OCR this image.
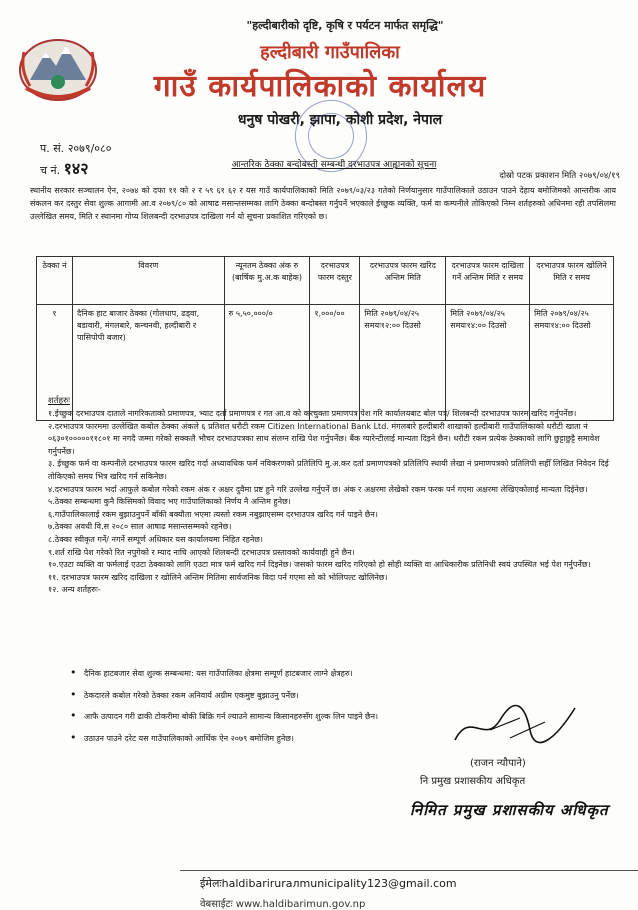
"हल्दीबारीको दृष्टि, कृषि र पर्यटन मार्फत समृद्धि"
हल्दीबारी गाउँपालिका
गाउँ कार्यपालिकाको कार्यालय
धनुष पोखरी, झापा, कोशी प्रदेश, नेपाल
प. सं. २०७९/०८०
च नं. १४२	आन्तरिक ठेक्का बन्दोबस्ती सम्बन्धी दरभाउपत्र आह्वानको सूचना
दोस्रो पटक प्रकाशन मिति २०७९/०४/१९
स्थानीय सरकार सञ्चालन ऐन, २०७४ को दफा ११ को २ र ५९ ६१ ६२ र यस गाउँ कार्यपालिकाको मिति २०७९/०३/२३ गतेको निर्णयानुसार गाउँपालिकाले उठाउन पाउने देहाय बमोजिमको आन्तरीक आय संकलन कर दस्तुर सेवा शुल्क आगामी आ.व २०७९/८० को आषाढ मसान्तसम्मका लागि ठेक्का बन्दोबस्त गर्नुपर्ने भएकाले ईच्छुक व्यक्ति, फर्म वा कम्पनीले तोकिएको निम्न शर्तहरुको अधिनमा रही तपसिलमा उल्लेखित समय, मिति र स्थानमा गोप्य शिलबन्दी दरभाउपत्र दाखिला गर्न यो सूचना प्रकाशित गरिएको छ।
ठेक्का नं	विवरण	न्यूनतम ठेक्का अंक रु (बार्षिक मु.अ.क बाहेक)	दरभाउपत्र फारम दस्तुर	दरभाउपत्र फारम खरिद अन्तिम मिति	दरभाउपत्र फारम दाखिला गर्ने अन्तिम मिति र समय	दरभाउपत्र फारम खोलिने मिति र समय
१	दैनिक हाट बाजार ठेक्का (गोलधाप, ढड्वा, बडावारी, मंगलबारे, कन्चनवी, हल्दीबारी र पासिपोपी बजार)	रु ५,५०,०००/०	१,०००/००	मिति २०७९/०४/२५ समयः१२:०० दिउसो	मिति २०७९/०४/२५ समयः१४:०० दिउसो	मिति २०७९/०४/२५ समयः१४:०० दिउसो
शर्तहरुः

१.ईच्छुक दरभाउपत्र दाताले नागरिकताको प्रमाणपत्र, भ्याट दर्ता प्रमाणपत्र र गत आ.व को करचुक्ता प्रमाणपत्र पेश गरि कार्यालयबाट बोल पत्र/ शिलबन्दी दरभाउपत्र फारम खरिद गर्नुपर्नेछ।

२.दरभाउपत्र फारममा उल्लेखित कबोल ठेक्का अंकले ६ प्रतिशत धरौटी रकम Citizen International Bank Ltd. मंगलबारे हल्दीबारी शाखाको हल्दीबारी गाउँपालिकाको धरौटी खाता नं ०६३०१०००००११८०१ मा नगदै जम्मा गरेको सक्कलै भौचर दरभाउपत्रका साथ संलग्न राखि पेश गर्नुपर्नेछ। बैंक ग्यारेन्टीलाई मान्यता दिइने छैन। धरौटी रकम प्रत्येक ठेक्काको लागि छुट्टाछुट्टै समावेश गर्नुपर्नेछ।

३. ईच्छुक फर्म वा कम्पनीले दरभाउपत्र फारम खरिद गर्दा अध्यावधिक फर्म नविकरणको प्रतिलिपि मु.अ.कर दर्ता प्रमाणपत्रको प्रतिलिपि स्थायी लेखा नं प्रमाणपत्रको प्रतिलिपी सहीँ लिखित निवेदन दिई तोकिएको समय भित्र खरिद गर्न सकिनेछ।

४.दरभाउपत्र फारम भर्दा आफुले कबोल गरेको रकम अंक र अक्षर दुवैमा प्रष्ट हुने गरि उल्लेख गर्नुपर्ने छ। अंक र अक्षरमा लेखेको रकम फरक पर्न गएमा अक्षरमा लेखिएकोलाई मान्यता दिईनेछ।

५.ठेक्का सम्बन्धमा कुनै किसिमको विवाद भए गाउँपालिकाको निर्णय नै अन्तिम हुनेछ।

६.गाउँपालिकालाई रकम बुझाउनुपर्ने बाँकी बक्यौता भएमा त्यस्तो रकम नबुझाएसम्म दरभाउपत्र खरिद गर्न पाइने छैन।

७.ठेक्का अवधी वि.स २०८० साल आषाढ मसान्तसम्मको रहनेछ।

८.ठेक्का स्वीकृत गर्ने/ नगर्ने सम्पूर्ण अधिकार यस कार्यालयमा निहित रहनेछ।

९.शर्त राखि पेश गरेको रित नपुगेको र म्याद नाघि आएको शिलबन्दी दरभाउपत्र प्रस्तावको कार्यवाही हुने छैन।

१०.एउटा व्यक्ति वा फर्मलाई एउटा ठेक्काको लागि एउटा मात्र फर्म खरिद गर्न दिइनेछ। जसको फारम खरिद गरिएको हो सोही व्यक्ति वा आधिकारीक प्रतिनिधी स्वयं उपस्थित भई पेश गर्नुपर्नेछ।

११. दरभाउपत्र फारम खरिद दाखिला र खोलिने अन्तिम मितिमा सार्वजनिक विदा पर्न गएमा सो को भोलिपल्ट खोलिनेछ।

१२. अन्य शर्तहरुः-

• दैनिक हाटबजार सेवा शुल्क सम्बन्धमा: यस गाउँपालिका क्षेत्रमा सम्पूर्ण हाटबजार लाग्ने क्षेत्रहरु।
• ठेकदारले कबोल गरेको ठेक्का रकम अनिवार्य अग्रीम एकमुष्ट बुझाउनु पर्नेछ।
• आफै उत्पादन गरी ढाकी टोकरीमा बोकी बिक्रि गर्न ल्याउने सामान्य किसानहरुसँग शुल्क लिन पाइने छैन।
• उठाउन पाउने दरेट यस गाउँपालिकाको आर्थिक ऐन २०७९ बमोजिम हुनेछ।
(राजन न्यौपाने)
नि प्रमुख प्रशासकीय अधिकृत
निमित प्रमुख प्रशासकीय अधिकृत
ईमेलःhaldibarirurалmunicipality123@gmail.com
वेबसाईटः www.haldibarimun.gov.np
